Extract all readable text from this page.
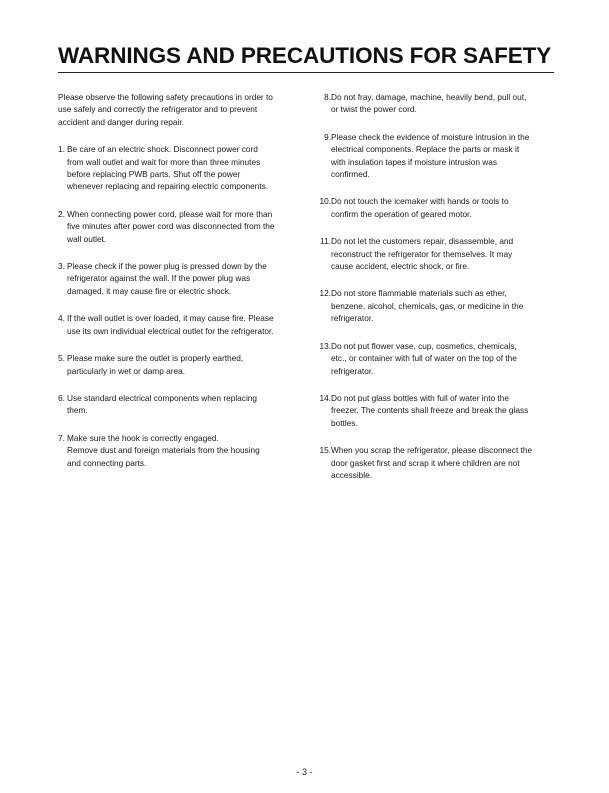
WARNINGS AND PRECAUTIONS FOR SAFETY
Please observe the following safety precautions in order to
use safely and correctly the refrigerator and to prevent
accident and danger during repair.
1. Be care of an electric shock. Disconnect power cord
from wall outlet and wait for more than three minutes
before replacing PWB parts. Shut off the power
whenever replacing and repairing electric components.
2. When connecting power cord, please wait for more than
five minutes after power cord was disconnected from the
wall outlet.
3. Please check if the power plug is pressed down by the
refrigerator against the wall. If the power plug was
damaged, it may cause fire or electric shock.
4. If the wall outlet is over loaded, it may cause fire. Please
use its own individual electrical outlet for the refrigerator.
5. Please make sure the outlet is properly earthed,
particularly in wet or damp area.
6. Use standard electrical components when replacing
them.
7. Make sure the hook is correctly engaged.
Remove dust and foreign materials from the housing
and connecting parts.
8. Do not fray, damage, machine, heavily bend, pull out,
or twist the power cord.
9. Please check the evidence of moisture intrusion in the
electrical components. Replace the parts or mask it
with insulation tapes if moisture intrusion was
confirmed.
10. Do not touch the icemaker with hands or tools to
confirm the operation of geared motor.
11. Do not let the customers repair, disassemble, and
reconstruct the refrigerator for themselves. It may
cause accident, electric shock, or fire.
12. Do not store flammable materials such as ether,
benzene, alcohol, chemicals, gas, or medicine in the
refrigerator.
13. Do not put flower vase, cup, cosmetics, chemicals,
etc., or container with full of water on the top of the
refrigerator.
14. Do not put glass bottles with full of water into the
freezer. The contents shall freeze and break the glass
bottles.
15. When you scrap the refrigerator, please disconnect the
door gasket first and scrap it where children are not
accessible.
- 3 -
